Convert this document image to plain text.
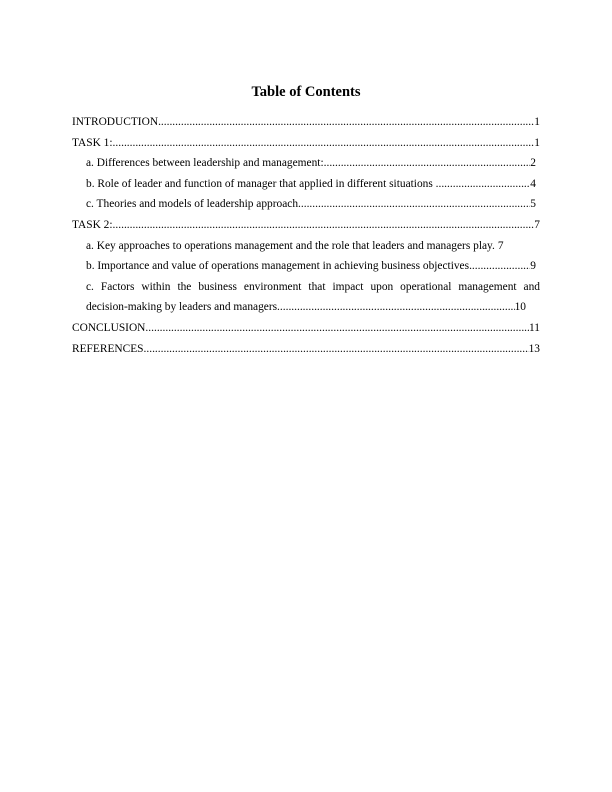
Table of Contents
INTRODUCTION .....	1
TASK 1: .....	1
a. Differences between leadership and management: .....	2
b. Role of leader and function of manager that applied in different situations .....	4
c. Theories and models of leadership approach .....	5
TASK 2: .....	7
a. Key approaches to operations management and the role that leaders and managers play. 7
b. Importance and value of operations management in achieving business objectives .....	9
c. Factors within the business environment that impact upon operational management and
decision-making by leaders and managers .....	10
CONCLUSION .....	11
REFERENCES .....	13
